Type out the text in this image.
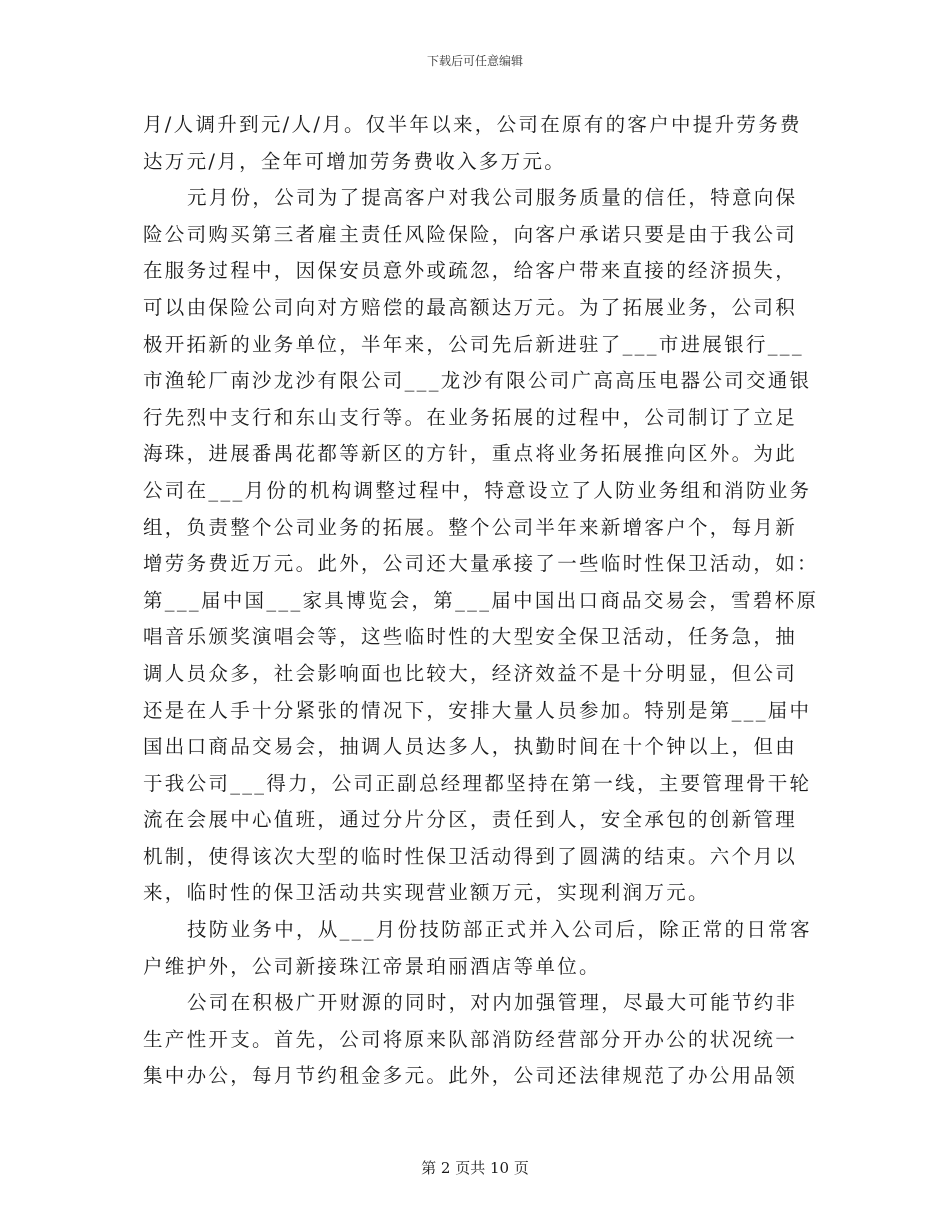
下载后可任意编辑
月/人调升到元/人/月。仅半年以来，公司在原有的客户中提升劳务费
达万元/月，全年可增加劳务费收入多万元。
元月份，公司为了提高客户对我公司服务质量的信任，特意向保
险公司购买第三者雇主责任风险保险，向客户承诺只要是由于我公司
在服务过程中，因保安员意外或疏忽，给客户带来直接的经济损失，
可以由保险公司向对方赔偿的最高额达万元。为了拓展业务，公司积
极开拓新的业务单位，半年来，公司先后新进驻了___市进展银行___
市渔轮厂南沙龙沙有限公司___龙沙有限公司广高高压电器公司交通银
行先烈中支行和东山支行等。在业务拓展的过程中，公司制订了立足
海珠，进展番禺花都等新区的方针，重点将业务拓展推向区外。为此
公司在___月份的机构调整过程中，特意设立了人防业务组和消防业务
组，负责整个公司业务的拓展。整个公司半年来新增客户个，每月新
增劳务费近万元。此外，公司还大量承接了一些临时性保卫活动，如：
第___届中国___家具博览会，第___届中国出口商品交易会，雪碧杯原
唱音乐颁奖演唱会等，这些临时性的大型安全保卫活动，任务急，抽
调人员众多，社会影响面也比较大，经济效益不是十分明显，但公司
还是在人手十分紧张的情况下，安排大量人员参加。特别是第___届中
国出口商品交易会，抽调人员达多人，执勤时间在十个钟以上，但由
于我公司___得力，公司正副总经理都坚持在第一线，主要管理骨干轮
流在会展中心值班，通过分片分区，责任到人，安全承包的创新管理
机制，使得该次大型的临时性保卫活动得到了圆满的结束。六个月以
来，临时性的保卫活动共实现营业额万元，实现利润万元。
技防业务中，从___月份技防部正式并入公司后，除正常的日常客
户维护外，公司新接珠江帝景珀丽酒店等单位。
公司在积极广开财源的同时，对内加强管理，尽最大可能节约非
生产性开支。首先，公司将原来队部消防经营部分开办公的状况统一
集中办公，每月节约租金多元。此外，公司还法律规范了办公用品领
第 2 页共 10 页
